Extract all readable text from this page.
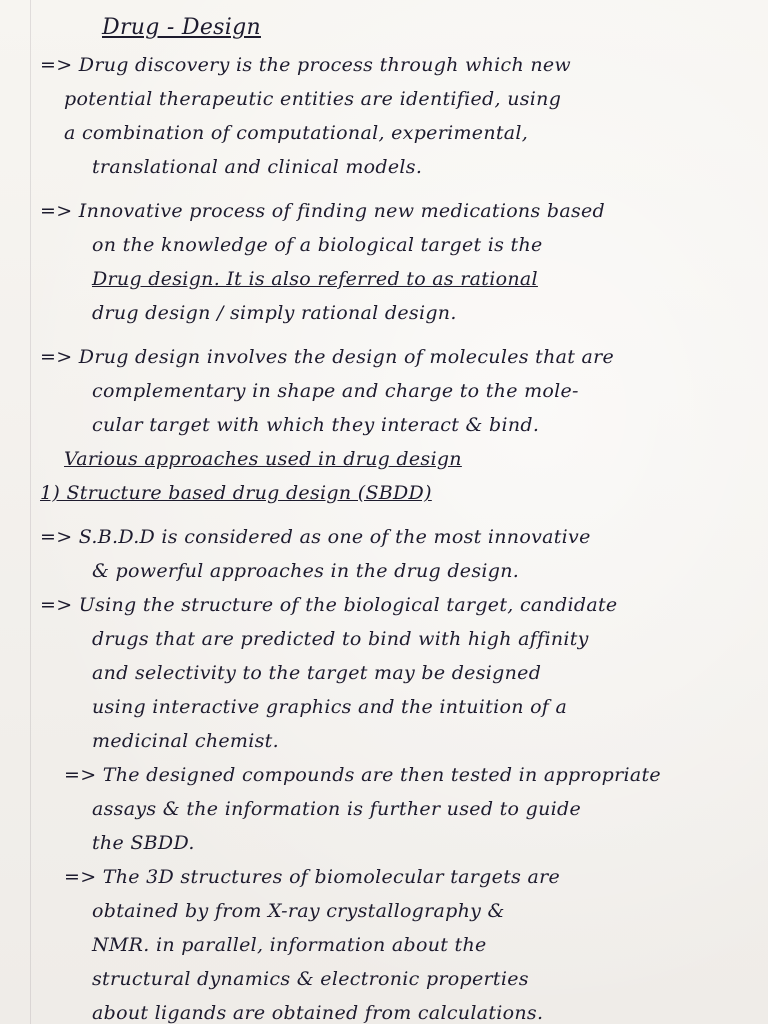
Drug - Design
=> Drug discovery is the process through which new
potential therapeutic entities are identified, using
a combination of computational, experimental,
translational and clinical models.
=> Innovative process of finding new medications based
on the knowledge of a biological target is the
Drug design. It is also referred to as rational
drug design / simply rational design.
=> Drug design involves the design of molecules that are
complementary in shape and charge to the mole-
cular target with which they interact & bind.
Various approaches used in drug design
1) Structure based drug design (SBDD)
=> S.B.D.D is considered as one of the most innovative
& powerful approaches in the drug design.
=> Using the structure of the biological target, candidate
drugs that are predicted to bind with high affinity
and selectivity to the target may be designed
using interactive graphics and the intuition of a
medicinal chemist.
=> The designed compounds are then tested in appropriate
assays & the information is further used to guide
the SBDD.
=> The 3D structures of biomolecular targets are
obtained by from X-ray crystallography &
NMR. in parallel, information about the
structural dynamics & electronic properties
about ligands are obtained from calculations.
